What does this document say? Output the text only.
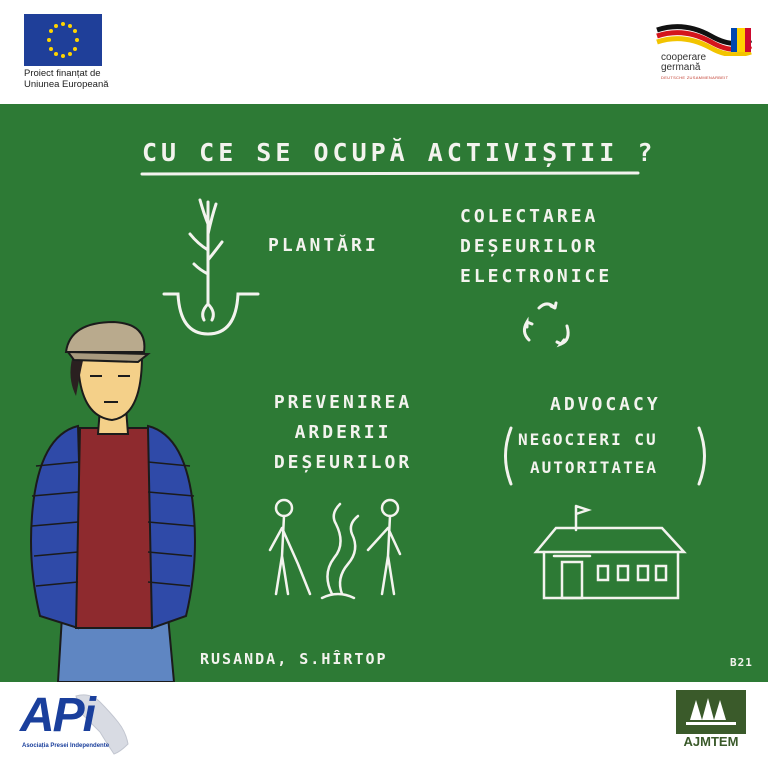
Proiect finanțat de
Uniunea Europeană
cooperare
germană
DEUTSCHE ZUSAMMENARBEIT
CU CE SE OCUPĂ ACTIVIȘTII ?
PLANTĂRI
COLECTAREA
DEȘEURILOR
ELECTRONICE
PREVENIREA
ARDERII
DEȘEURILOR
ADVOCACY
NEGOCIERI CU
AUTORITATEA
RUSANDA, S.HÎRTOP	B21
APi
Asociația Presei Independente	AJMTEM
